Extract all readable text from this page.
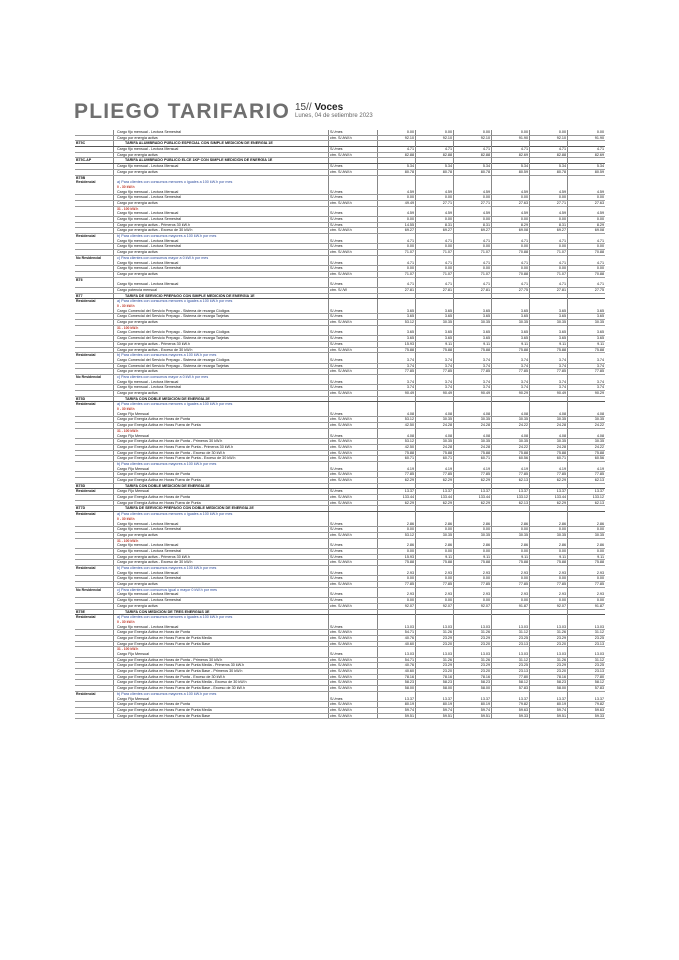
PLIEGO TARIFARIO 15// Voces
Lunes, 04 de setiembre 2023
Cargo fijo mensual - Lectura Semestral	S/./mes	0.00	0.00	0.00	0.00	0.00	0.00
Cargo por energía activa	ctm. S/./kW.h	92.10	92.10	92.10	91.90	92.10	91.90
BT5C	TARIFA ALUMBRADO PÚBLICO ESPECIAL CON SIMPLE MEDICIÓN DE ENERGÍA 1E
Cargo fijo mensual - Lectura Mensual	S/./mes	4.71	4.71	4.71	4.71	4.71	4.71
Cargo por energía activa	ctm. S/./kW.h	82.88	82.88	82.88	82.69	82.88	82.69
BT5C-AP	TARIFA ALUMBRADO PÚBLICO ELCE 1KP CON SIMPLE MEDICIÓN DE ENERGÍA 1E
Cargo fijo mensual - Lectura Mensual	S/./mes	5.34	5.34	5.34	5.34	5.34	5.34
Cargo por energía activa	ctm. S/./kW.h	80.78	80.78	80.78	80.59	80.78	80.59
BT5B
Residencial	a) Para clientes con consumos menores o iguales a 100 kW.h por mes
0 - 30 kW.h
Cargo fijo mensual - Lectura Mensual	S/./mes	4.59	4.59	4.59	4.59	4.59	4.59
Cargo fijo mensual - Lectura Semestral	S/./mes	0.00	0.00	0.00	0.00	0.00	0.00
Cargo por energía activa	ctm. S/./kW.h	49.49	27.71	27.71	27.63	27.71	27.63
31 - 100 kW.h
Cargo fijo mensual - Lectura Mensual	S/./mes	4.59	4.59	4.59	4.59	4.59	4.59
Cargo fijo mensual - Lectura Semestral	S/./mes	0.00	0.00	0.00	0.00	0.00	0.00
Cargo por energía activa - Primeros 30 kW.h	S/./mes	14.55	8.31	8.31	8.29	8.31	8.29
Cargo por energía activa - Exceso de 30 kW.h	ctm. S/./kW.h	69.27	69.27	69.27	69.08	69.27	69.08
Residencial	b) Para clientes con consumos mayores a 100 kW.h por mes
Cargo fijo mensual - Lectura Mensual	S/./mes	4.71	4.71	4.71	4.71	4.71	4.71
Cargo fijo mensual - Lectura Semestral	S/./mes	0.00	0.00	0.00	0.00	0.00	0.00
Cargo por energía activa	ctm. S/./kW.h	71.07	71.07	71.07	70.88	71.07	70.88
No Residencial	c) Para clientes con consumos mayor a 0 kW.h por mes
Cargo fijo mensual - Lectura Mensual	S/./mes	4.71	4.71	4.71	4.71	4.71	4.71
Cargo fijo mensual - Lectura Semestral	S/./mes	0.00	0.00	0.00	0.00	0.00	0.00
Cargo por energía activa	ctm. S/./kW.h	71.07	71.07	71.07	70.88	71.07	70.88
BT6
Cargo fijo mensual - Lectura Mensual	S/./mes	4.71	4.71	4.71	4.71	4.71	4.71
Cargo potencia mensual	ctm. S/./W	27.81	27.81	27.81	27.75	27.81	27.75
BT7	TARIFA DE SERVICIO PREPAGO CON SIMPLE MEDICIÓN DE ENERGÍA 1E
Residencial	a) Para clientes con consumos menores o iguales a 100 kW.h por mes
0 - 30 kW.h
Cargo Comercial del Servicio Prepago - Sistema de recarga Códigos	S/./mes	3.65	3.65	3.65	3.65	3.65	3.65
Cargo Comercial del Servicio Prepago - Sistema de recarga Tarjetas	S/./mes	3.65	3.65	3.65	3.65	3.65	3.65
Cargo por energía activa	ctm. S/./kW.h	53.12	30.35	30.35	30.35	30.35	30.35
31 - 100 kW.h
Cargo Comercial del Servicio Prepago - Sistema de recarga Códigos	S/./mes	3.65	3.65	3.65	3.65	3.65	3.65
Cargo Comercial del Servicio Prepago - Sistema de recarga Tarjetas	S/./mes	3.65	3.65	3.65	3.65	3.65	3.65
Cargo por energía activa - Primeros 30 kW.h	S/./mes	15.93	9.11	9.11	9.11	9.11	9.11
Cargo por energía activa - Exceso de 30 kW.h	ctm. S/./kW.h	75.88	75.88	75.88	75.88	75.88	75.88
Residencial	b) Para clientes con consumos mayores a 100 kW.h por mes
Cargo Comercial del Servicio Prepago - Sistema de recarga Códigos	S/./mes	3.74	3.74	3.74	3.74	3.74	3.74
Cargo Comercial del Servicio Prepago - Sistema de recarga Tarjetas	S/./mes	3.74	3.74	3.74	3.74	3.74	3.74
Cargo por energía activa	ctm. S/./kW.h	77.85	77.85	77.85	77.85	77.85	77.85
No Residencial	c) Para clientes con consumos mayor a 0 kW.h por mes
Cargo fijo mensual - Lectura Mensual	S/./mes	3.74	3.74	3.74	3.74	3.74	3.74
Cargo fijo mensual - Lectura Semestral	S/./mes	3.74	3.74	3.74	3.74	3.74	3.74
Cargo por energía activa	ctm. S/./kW.h	90.49	90.49	90.49	90.29	90.49	90.29
BT5D	TARIFA CON DOBLE MEDICIÓN DE ENERGÍA 2E
Residencial	a) Para clientes con consumos menores o iguales a 100 kW.h por mes
0 - 30 kW.h
Cargo Fijo Mensual	S/./mes	4.08	4.08	4.08	4.08	4.08	4.08
Cargo por Energía Activa en Horas de Punta	ctm. S/./kW.h	53.12	30.35	30.35	30.35	30.35	30.35
Cargo por Energía Activa en Horas Fuera de Punta	ctm. S/./kW.h	42.50	24.28	24.28	24.22	24.28	24.22
31 - 100 kW.h
Cargo Fijo Mensual	S/./mes	4.08	4.08	4.08	4.08	4.08	4.08
Cargo por Energía Activa en Horas de Punta - Primeros 30 kW.h	ctm. S/./kW.h	53.12	30.35	30.35	30.35	30.35	30.35
Cargo por Energía Activa en Horas Fuera de Punta - Primeros 30 kW.h	ctm. S/./kW.h	42.50	24.28	24.28	24.22	24.28	24.22
Cargo por Energía Activa en Horas de Punta - Exceso de 30 kW.h	ctm. S/./kW.h	75.88	75.88	75.88	75.88	75.88	75.88
Cargo por Energía Activa en Horas Fuera de Punta - Exceso de 30 kW.h	ctm. S/./kW.h	60.71	60.71	60.71	60.56	60.71	60.56
b) Para clientes con consumos mayores a 100 kW.h por mes
Cargo Fijo Mensual	S/./mes	4.19	4.19	4.19	4.19	4.19	4.19
Cargo por Energía Activa en Horas de Punta	ctm. S/./kW.h	77.85	77.85	77.85	77.85	77.85	77.85
Cargo por Energía Activa en Horas Fuera de Punta	ctm. S/./kW.h	62.29	62.29	62.29	62.13	62.29	62.13
BT5D	TARIFA CON DOBLE MEDICIÓN DE ENERGÍA 2E
Residencial	Cargo Fijo Mensual	S/./mes	13.37	13.37	13.37	13.37	13.37	13.37
Cargo por Energía Activa en Horas de Punta	ctm. S/./kW.h	133.44	133.44	133.44	133.12	133.44	133.12
Cargo por Energía Activa en Horas Fuera de Punta	ctm. S/./kW.h	62.29	62.29	62.29	62.13	62.29	62.13
BT7D	TARIFA DE SERVICIO PREPAGO CON DOBLE MEDICIÓN DE ENERGÍA 2E
Residencial	a) Para clientes con consumos menores o iguales a 100 kW.h por mes
0 - 30 kW.h
Cargo fijo mensual - Lectura Mensual	S/./mes	2.86	2.86	2.86	2.86	2.86	2.86
Cargo fijo mensual - Lectura Semestral	S/./mes	0.00	0.00	0.00	0.00	0.00	0.00
Cargo por energía activa	ctm. S/./kW.h	53.12	30.35	30.35	30.35	30.35	30.35
31 - 100 kW.h
Cargo fijo mensual - Lectura Mensual	S/./mes	2.86	2.86	2.86	2.86	2.86	2.86
Cargo fijo mensual - Lectura Semestral	S/./mes	0.00	0.00	0.00	0.00	0.00	0.00
Cargo por energía activa - Primeros 30 kW.h	S/./mes	15.93	9.11	9.11	9.11	9.11	9.11
Cargo por energía activa - Exceso de 30 kW.h	ctm. S/./kW.h	75.88	75.88	75.88	75.88	75.88	75.88
Residencial	b) Para clientes con consumos mayores a 100 kW.h por mes
Cargo fijo mensual - Lectura Mensual	S/./mes	2.93	2.93	2.93	2.93	2.93	2.93
Cargo fijo mensual - Lectura Semestral	S/./mes	0.00	0.00	0.00	0.00	0.00	0.00
Cargo por energía activa	ctm. S/./kW.h	77.85	77.85	77.85	77.85	77.85	77.85
No Residencial	c) Para clientes con consumos igual o mayor 0 kW.h por mes
Cargo fijo mensual - Lectura Mensual	S/./mes	2.93	2.93	2.93	2.93	2.93	2.93
Cargo fijo mensual - Lectura Semestral	S/./mes	0.00	0.00	0.00	0.00	0.00	0.00
Cargo por energía activa	ctm. S/./kW.h	92.07	92.07	92.07	91.87	92.07	91.87
BT5E	TARIFA CON MEDICIÓN DE TRES ENERGÍAS 3E
Residencial	a) Para clientes con consumos menores o iguales a 100 kW.h por mes
0 - 30 kW.h
Cargo fijo mensual - Lectura Mensual	S/./mes	13.03	13.03	13.03	13.03	13.03	13.03
Cargo por Energía Activa en Horas de Punta	ctm. S/./kW.h	54.71	31.26	31.26	31.12	31.26	31.12
Cargo por Energía Activa en Horas Fuera de Punta Media	ctm. S/./kW.h	40.76	23.29	23.29	23.25	23.29	23.25
Cargo por Energía Activa en Horas Fuera de Punta Base	ctm. S/./kW.h	40.60	23.20	23.20	23.13	23.20	23.13
31 - 100 kW.h
Cargo Fijo Mensual	S/./mes	13.03	13.03	13.03	13.03	13.03	13.03
Cargo por Energía Activa en Horas de Punta - Primeros 30 kW.h	ctm. S/./kW.h	54.71	31.26	31.26	31.12	31.26	31.12
Cargo por Energía Activa en Horas Fuera de Punta Media - Primeros 30 kW.h	ctm. S/./kW.h	40.76	23.29	23.29	23.25	23.29	23.25
Cargo por Energía Activa en Horas Fuera de Punta Base - Primeros 30 kW.h	ctm. S/./kW.h	40.60	23.20	23.20	23.13	23.20	23.13
Cargo por Energía Activa en Horas de Punta - Exceso de 30 kW.h	ctm. S/./kW.h	78.16	78.16	78.16	77.80	78.16	77.80
Cargo por Energía Activa en Horas Fuera de Punta Media - Exceso de 30 kW.h	ctm. S/./kW.h	58.23	58.23	58.23	58.12	58.23	58.12
Cargo por Energía Activa en Horas Fuera de Punta Base - Exceso de 30 kW.h	ctm. S/./kW.h	58.00	58.00	58.00	57.83	58.00	57.83
Residencial	b) Para clientes con consumos mayores a 100 kW.h por mes
Cargo Fijo Mensual	S/./mes	13.37	13.37	13.37	13.37	13.37	13.37
Cargo por Energía Activa en Horas de Punta	ctm. S/./kW.h	80.19	80.19	80.19	79.82	80.19	79.82
Cargo por Energía Activa en Horas Fuera de Punta Media	ctm. S/./kW.h	59.74	59.74	59.74	59.63	59.74	59.63
Cargo por Energía Activa en Horas Fuera de Punta Base	ctm. S/./kW.h	59.51	59.51	59.51	59.33	59.51	59.33
